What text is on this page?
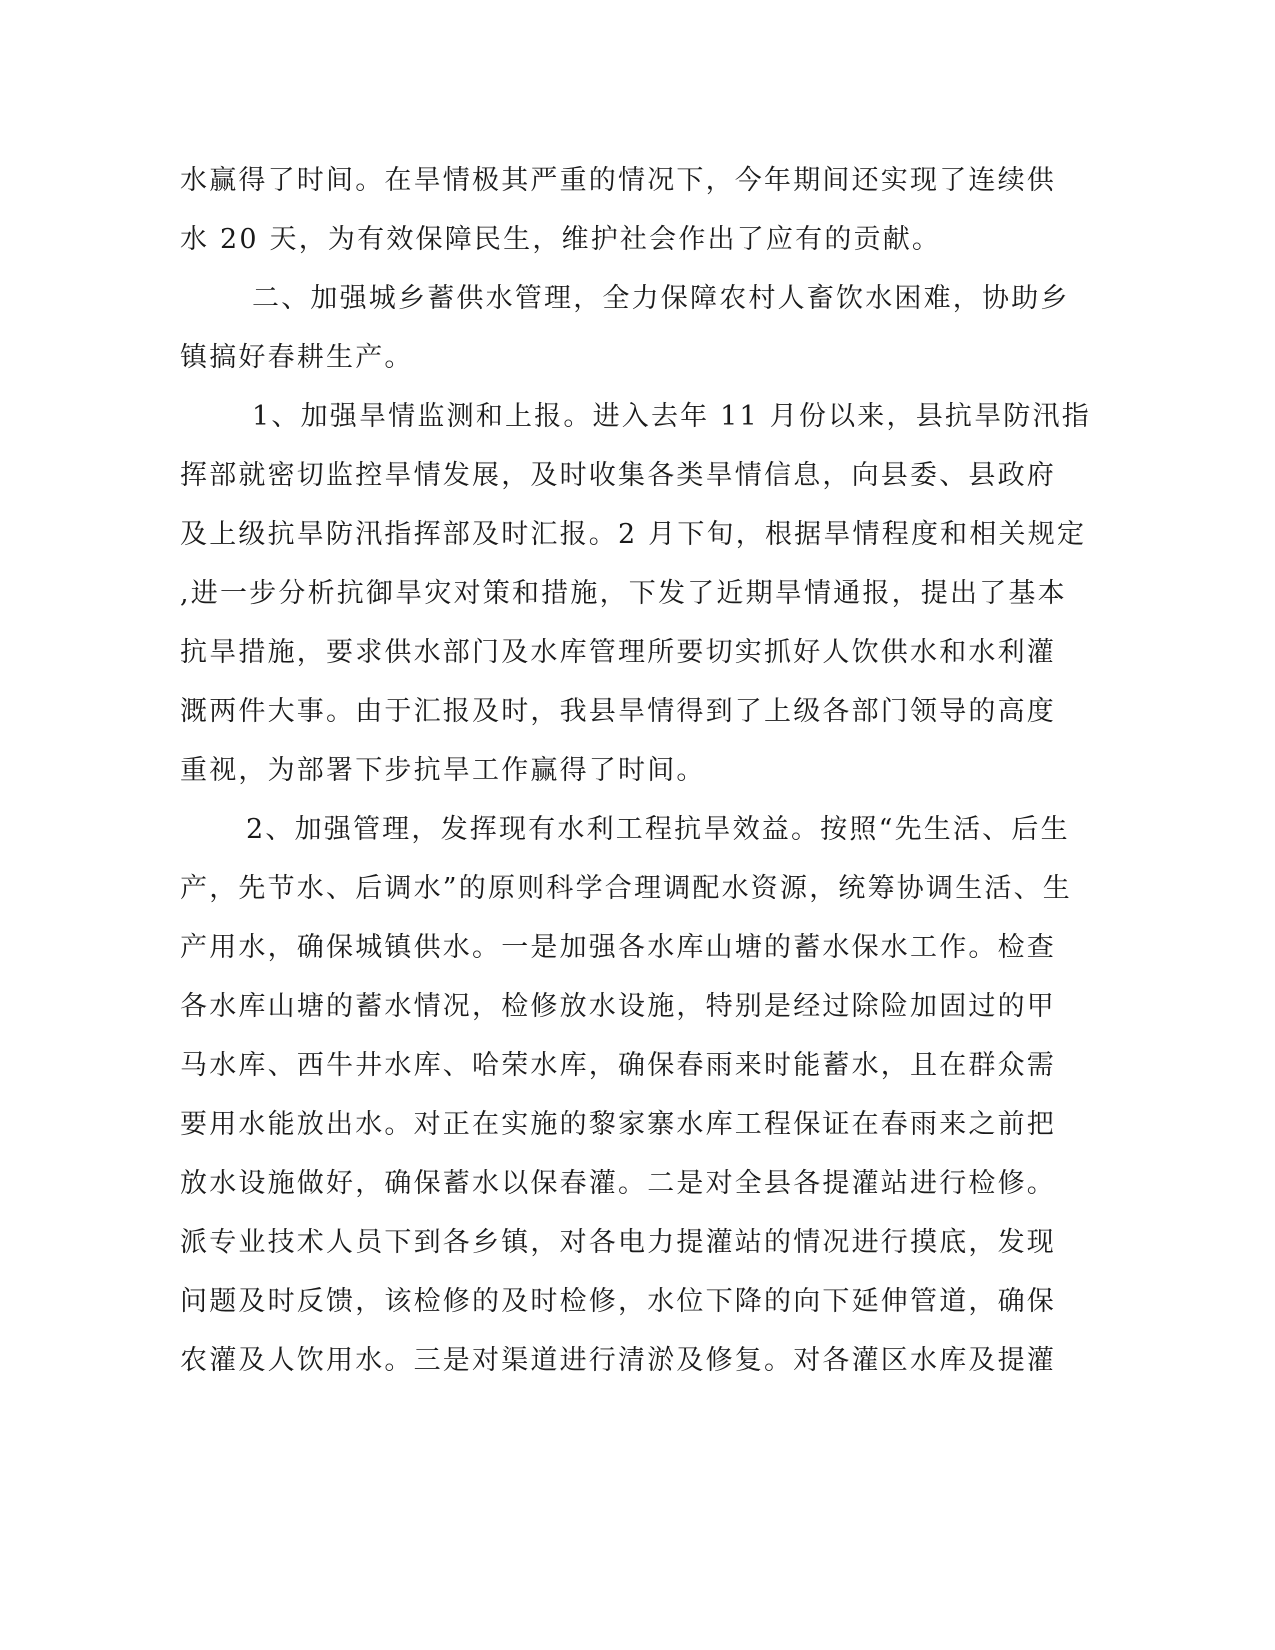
水赢得了时间。在旱情极其严重的情况下，今年期间还实现了连续供
水 20 天，为有效保障民生，维护社会作出了应有的贡献。
二、加强城乡蓄供水管理，全力保障农村人畜饮水困难，协助乡
镇搞好春耕生产。
1、加强旱情监测和上报。进入去年 11 月份以来，县抗旱防汛指
挥部就密切监控旱情发展，及时收集各类旱情信息，向县委、县政府
及上级抗旱防汛指挥部及时汇报。2 月下旬，根据旱情程度和相关规定
,进一步分析抗御旱灾对策和措施，下发了近期旱情通报，提出了基本
抗旱措施，要求供水部门及水库管理所要切实抓好人饮供水和水利灌
溉两件大事。由于汇报及时，我县旱情得到了上级各部门领导的高度
重视，为部署下步抗旱工作赢得了时间。
2、加强管理，发挥现有水利工程抗旱效益。按照“先生活、后生
产，先节水、后调水”的原则科学合理调配水资源，统筹协调生活、生
产用水，确保城镇供水。一是加强各水库山塘的蓄水保水工作。检查
各水库山塘的蓄水情况，检修放水设施，特别是经过除险加固过的甲
马水库、西牛井水库、哈荣水库，确保春雨来时能蓄水，且在群众需
要用水能放出水。对正在实施的黎家寨水库工程保证在春雨来之前把
放水设施做好，确保蓄水以保春灌。二是对全县各提灌站进行检修。
派专业技术人员下到各乡镇，对各电力提灌站的情况进行摸底，发现
问题及时反馈，该检修的及时检修，水位下降的向下延伸管道，确保
农灌及人饮用水。三是对渠道进行清淤及修复。对各灌区水库及提灌
